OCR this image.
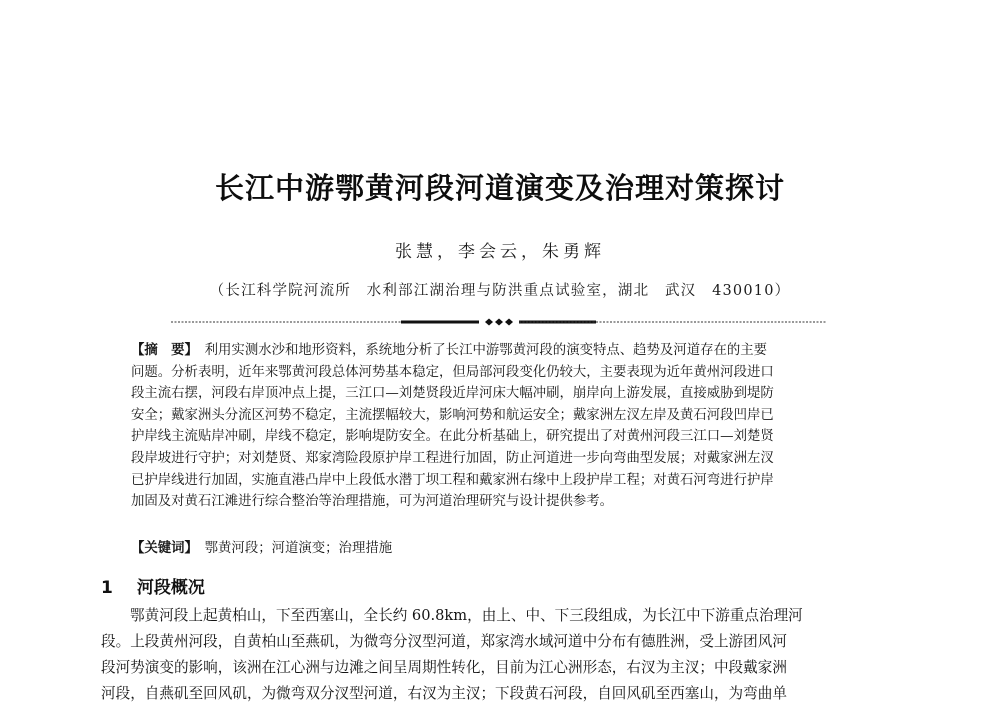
长江中游鄂黄河段河道演变及治理对策探讨
张慧，李会云，朱勇辉
（长江科学院河流所　水利部江湖治理与防洪重点试验室，湖北　武汉　430010）
【摘　要】　 利用实测水沙和地形资料，系统地分析了长江中游鄂黄河段的演变特点、趋势及河道存在的主要
问题。分析表明，近年来鄂黄河段总体河势基本稳定，但局部河段变化仍较大，主要表现为近年黄州河段进口
段主流右摆，河段右岸顶冲点上提，三江口—刘楚贤段近岸河床大幅冲刷，崩岸向上游发展，直接威胁到堤防
安全；戴家洲头分流区河势不稳定，主流摆幅较大，影响河势和航运安全；戴家洲左汊左岸及黄石河段凹岸已
护岸线主流贴岸冲刷，岸线不稳定，影响堤防安全。在此分析基础上，研究提出了对黄州河段三江口—刘楚贤
段岸坡进行守护；对刘楚贤、郑家湾险段原护岸工程进行加固，防止河道进一步向弯曲型发展；对戴家洲左汊
已护岸线进行加固，实施直港凸岸中上段低水潜丁坝工程和戴家洲右缘中上段护岸工程；对黄石河弯进行护岸
加固及对黄石江滩进行综合整治等治理措施，可为河道治理研究与设计提供参考。
【关键词】　 鄂黄河段；河道演变；治理措施
1 河段概况
鄂黄河段上起黄柏山，下至西塞山，全长约 60.8km，由上、中、下三段组成，为长江中下游重点治理河
段。上段黄州河段，自黄柏山至燕矶，为微弯分汊型河道，郑家湾水域河道中分布有德胜洲，受上游团风河
段河势演变的影响，该洲在江心洲与边滩之间呈周期性转化，目前为江心洲形态，右汊为主汊；中段戴家洲
河段，自燕矶至回风矶，为微弯双分汊型河道，右汊为主汊；下段黄石河段，自回风矶至西塞山，为弯曲单
